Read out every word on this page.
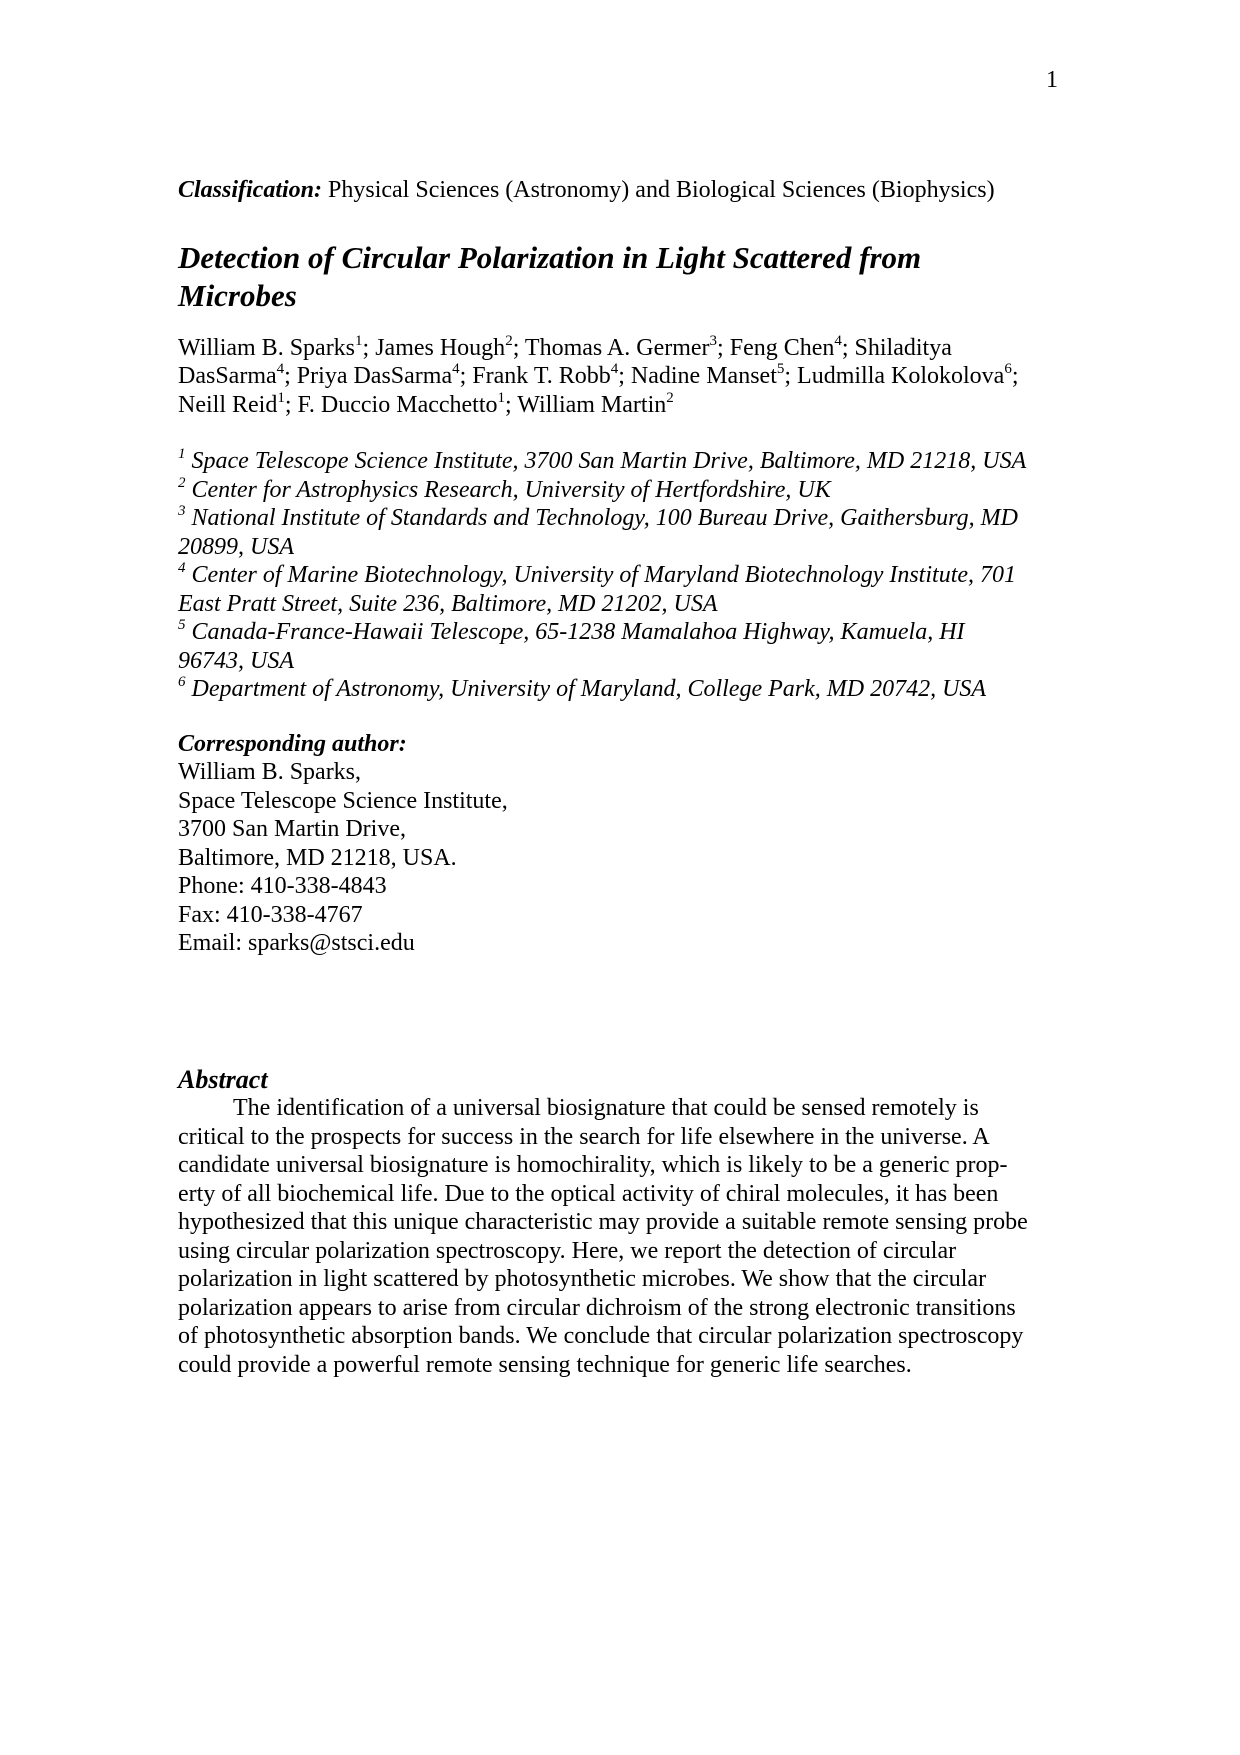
1
Classification: Physical Sciences (Astronomy) and Biological Sciences (Biophysics)
Detection of Circular Polarization in Light Scattered from
Microbes
William B. Sparks$^1$; James Hough$^2$; Thomas A. Germer$^3$; Feng Chen$^4$; Shiladitya
DasSarma$^4$; Priya DasSarma$^4$; Frank T. Robb$^4$; Nadine Manset$^5$; Ludmilla Kolokolova$^6$;
Neill Reid$^1$; F. Duccio Macchetto$^1$; William Martin$^2$
$^1$ Space Telescope Science Institute, 3700 San Martin Drive, Baltimore, MD 21218, USA
$^2$ Center for Astrophysics Research, University of Hertfordshire, UK
$^3$ National Institute of Standards and Technology, 100 Bureau Drive, Gaithersburg, MD
20899, USA
$^4$ Center of Marine Biotechnology, University of Maryland Biotechnology Institute, 701
East Pratt Street, Suite 236, Baltimore, MD 21202, USA
$^5$ Canada-France-Hawaii Telescope, 65-1238 Mamalahoa Highway, Kamuela, HI
96743, USA
$^6$ Department of Astronomy, University of Maryland, College Park, MD 20742, USA
Corresponding author:
William B. Sparks,
Space Telescope Science Institute,
3700 San Martin Drive,
Baltimore, MD 21218, USA.
Phone: 410-338-4843
Fax: 410-338-4767
Email: sparks@stsci.edu
Abstract
The identification of a universal biosignature that could be sensed remotely is
critical to the prospects for success in the search for life elsewhere in the universe. A
candidate universal biosignature is homochirality, which is likely to be a generic prop-
erty of all biochemical life. Due to the optical activity of chiral molecules, it has been
hypothesized that this unique characteristic may provide a suitable remote sensing probe
using circular polarization spectroscopy. Here, we report the detection of circular
polarization in light scattered by photosynthetic microbes. We show that the circular
polarization appears to arise from circular dichroism of the strong electronic transitions
of photosynthetic absorption bands. We conclude that circular polarization spectroscopy
could provide a powerful remote sensing technique for generic life searches.
